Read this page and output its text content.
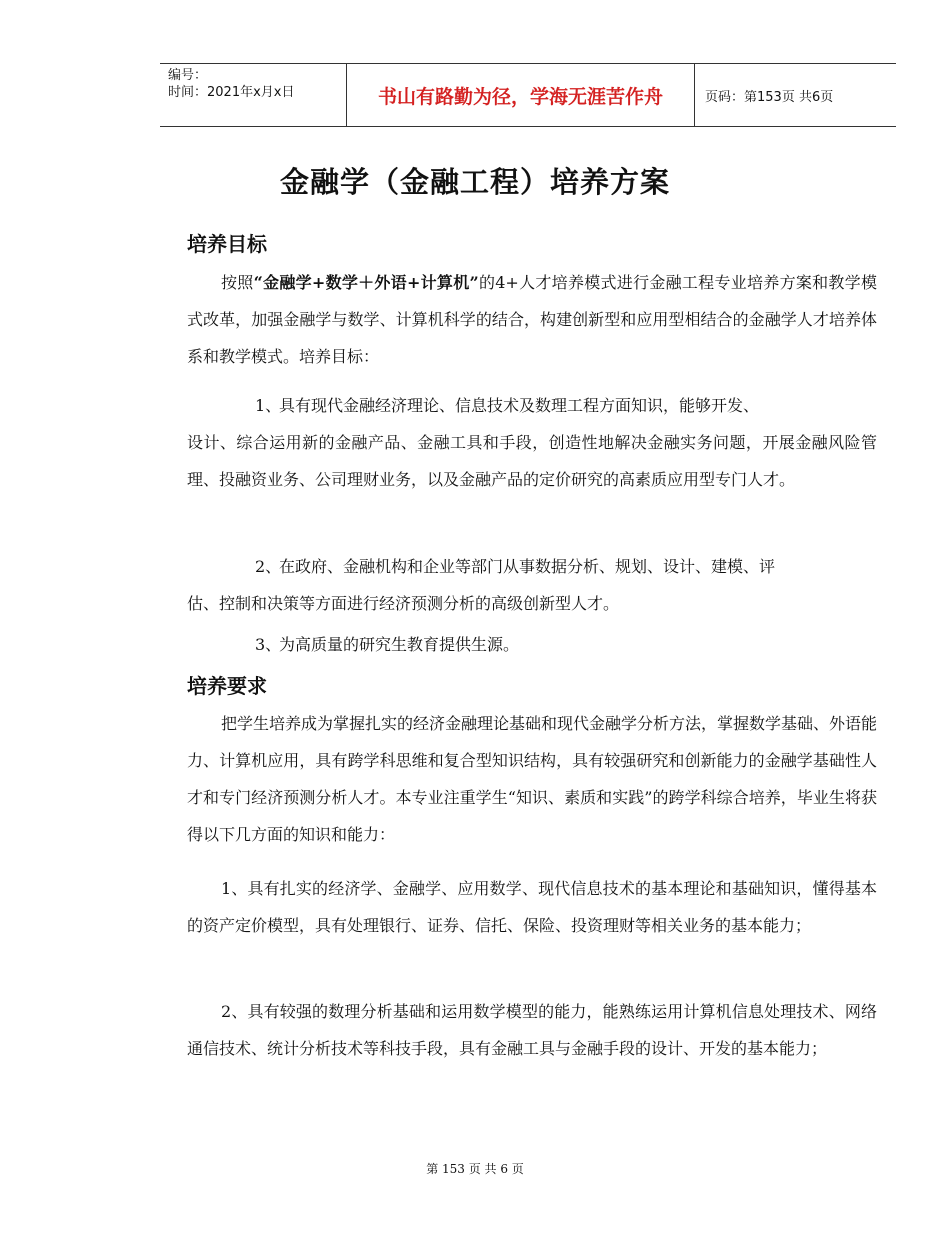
编号：
时间：2021年x月x日	书山有路勤为径，学海无涯苦作舟	页码：第153页 共6页
金融学（金融工程）培养方案
培养目标
按照“金融学+数学＋外语+计算机”的4+人才培养模式进行金融工程专业培养方案和教学模式改革，加强金融学与数学、计算机科学的结合，构建创新型和应用型相结合的金融学人才培养体系和教学模式。培养目标：
1、具有现代金融经济理论、信息技术及数理工程方面知识，能够开发、
设计、综合运用新的金融产品、金融工具和手段，创造性地解决金融实务问题，开展金融风险管理、投融资业务、公司理财业务，以及金融产品的定价研究的高素质应用型专门人才。
2、在政府、金融机构和企业等部门从事数据分析、规划、设计、建模、评
估、控制和决策等方面进行经济预测分析的高级创新型人才。
3、为高质量的研究生教育提供生源。
培养要求
把学生培养成为掌握扎实的经济金融理论基础和现代金融学分析方法，掌握数学基础、外语能力、计算机应用，具有跨学科思维和复合型知识结构，具有较强研究和创新能力的金融学基础性人才和专门经济预测分析人才。本专业注重学生“知识、素质和实践”的跨学科综合培养，毕业生将获得以下几方面的知识和能力：
1、具有扎实的经济学、金融学、应用数学、现代信息技术的基本理论和基础知识，懂得基本的资产定价模型，具有处理银行、证券、信托、保险、投资理财等相关业务的基本能力；
2、具有较强的数理分析基础和运用数学模型的能力，能熟练运用计算机信息处理技术、网络通信技术、统计分析技术等科技手段，具有金融工具与金融手段的设计、开发的基本能力；
第 153 页 共 6 页
